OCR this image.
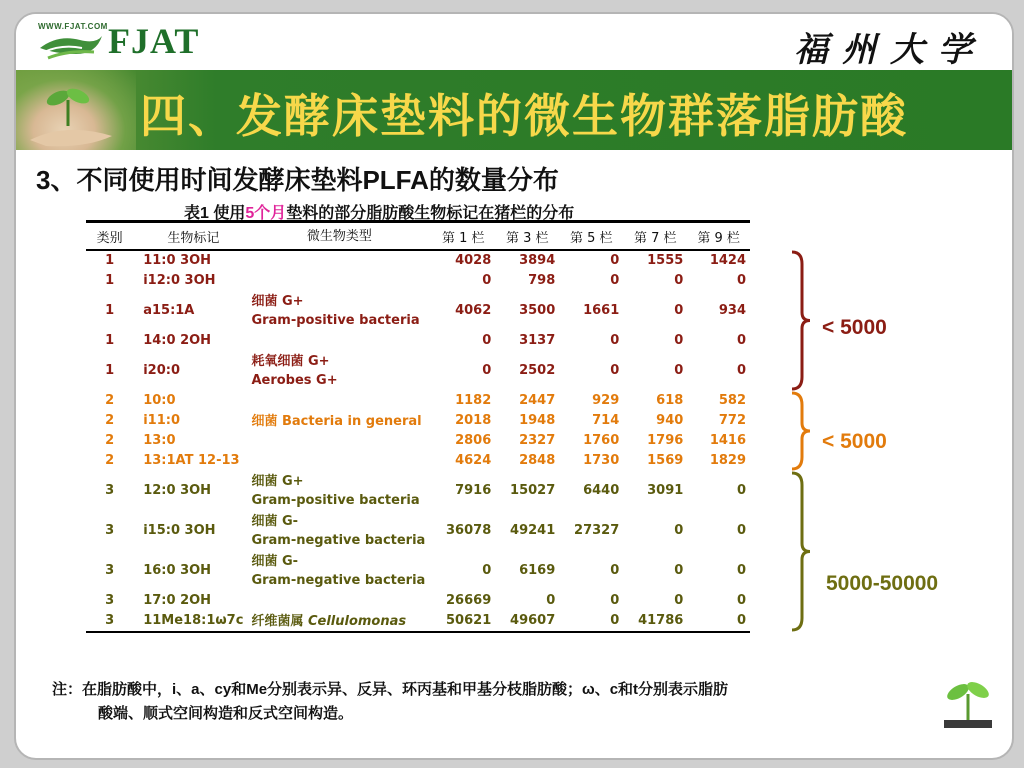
WWW.FJAT.COM FJAT	福州大学
四、发酵床垫料的微生物群落脂肪酸
3、不同使用时间发酵床垫料PLFA的数量分布
表1 使用5个月垫料的部分脂肪酸生物标记在猪栏的分布
类别	生物标记	微生物类型	第 1 栏	第 3 栏	第 5 栏	第 7 栏	第 9 栏
1	11:0 3OH		4028	3894	0	1555	1424
1	i12:0 3OH		0	798	0	0	0
1	a15:1A	细菌 G+
Gram-positive bacteria	4062	3500	1661	0	934
1	14:0 2OH		0	3137	0	0	0
1	i20:0	耗氧细菌 G+
Aerobes G+	0	2502	0	0	0
2	10:0		1182	2447	929	618	582
2	i11:0	细菌 Bacteria in general	2018	1948	714	940	772
2	13:0		2806	2327	1760	1796	1416
2	13:1AT 12-13		4624	2848	1730	1569	1829
3	12:0 3OH	细菌 G+
Gram-positive bacteria	7916	15027	6440	3091	0
3	i15:0 3OH	细菌 G-
Gram-negative bacteria	36078	49241	27327	0	0
3	16:0 3OH	细菌 G-
Gram-negative bacteria	0	6169	0	0	0
3	17:0 2OH		26669	0	0	0	0
3	11Me18:1ω7c	纤维菌属 Cellulomonas	50621	49607	0	41786	0
< 5000
< 5000
5000-50000
注：在脂肪酸中，i、a、cy和Me分别表示异、反异、环丙基和甲基分枝脂肪酸；ω、c和t分别表示脂肪
酸端、顺式空间构造和反式空间构造。
